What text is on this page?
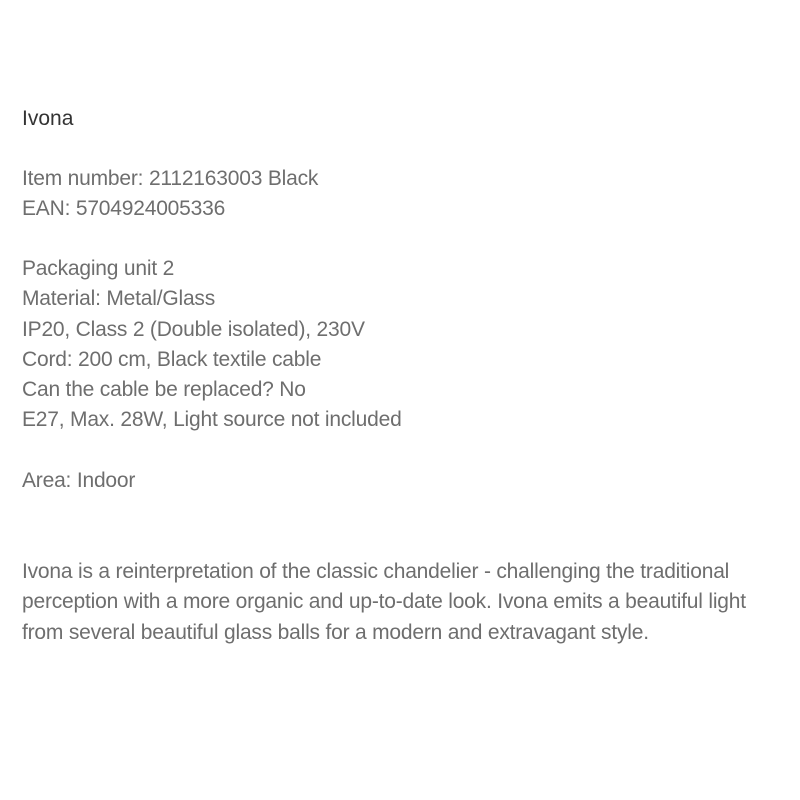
Ivona
Item number: 2112163003 Black
EAN: 5704924005336
Packaging unit 2
Material: Metal/Glass
IP20, Class 2 (Double isolated), 230V
Cord: 200 cm, Black textile cable
Can the cable be replaced? No
E27, Max. 28W, Light source not included
Area: Indoor
Ivona is a reinterpretation of the classic chandelier - challenging the traditional perception with a more organic and up-to-date look. Ivona emits a beautiful light from several beautiful glass balls for a modern and extravagant style.
